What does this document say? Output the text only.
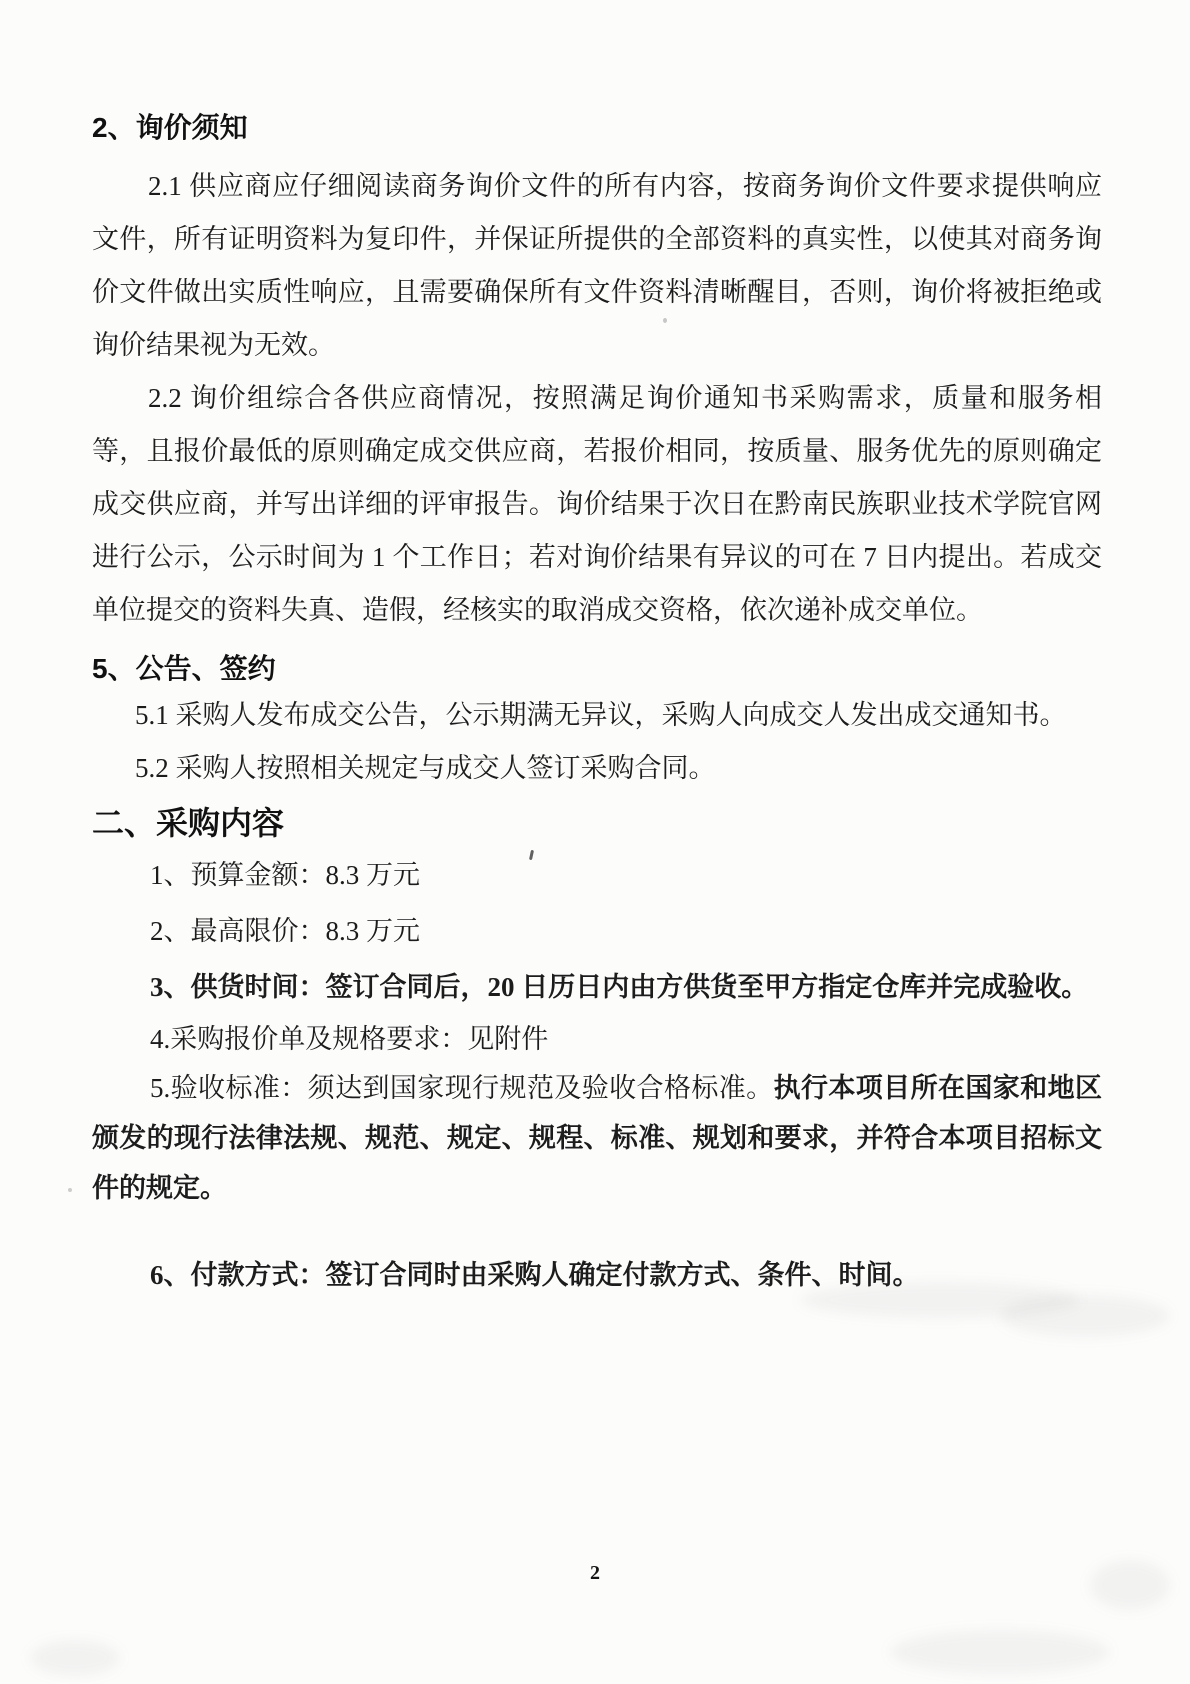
2、询价须知

2.1 供应商应仔细阅读商务询价文件的所有内容，按商务询价文件要求提供响应文件，所有证明资料为复印件，并保证所提供的全部资料的真实性，以使其对商务询价文件做出实质性响应，且需要确保所有文件资料清晰醒目，否则，询价将被拒绝或询价结果视为无效。

2.2 询价组综合各供应商情况，按照满足询价通知书采购需求，质量和服务相等，且报价最低的原则确定成交供应商，若报价相同，按质量、服务优先的原则确定成交供应商，并写出详细的评审报告。询价结果于次日在黔南民族职业技术学院官网进行公示，公示时间为 1 个工作日；若对询价结果有异议的可在 7 日内提出。若成交单位提交的资料失真、造假，经核实的取消成交资格，依次递补成交单位。

5、公告、签约

5.1 采购人发布成交公告，公示期满无异议，采购人向成交人发出成交通知书。

5.2 采购人按照相关规定与成交人签订采购合同。

二、采购内容

1、预算金额：8.3 万元

2、最高限价：8.3 万元

3、供货时间：签订合同后，20 日历日内由方供货至甲方指定仓库并完成验收。

4.采购报价单及规格要求：见附件

5.验收标准：须达到国家现行规范及验收合格标准。执行本项目所在国家和地区颁发的现行法律法规、规范、规定、规程、标准、规划和要求，并符合本项目招标文件的规定。

6、付款方式：签订合同时由采购人确定付款方式、条件、时间。

2
